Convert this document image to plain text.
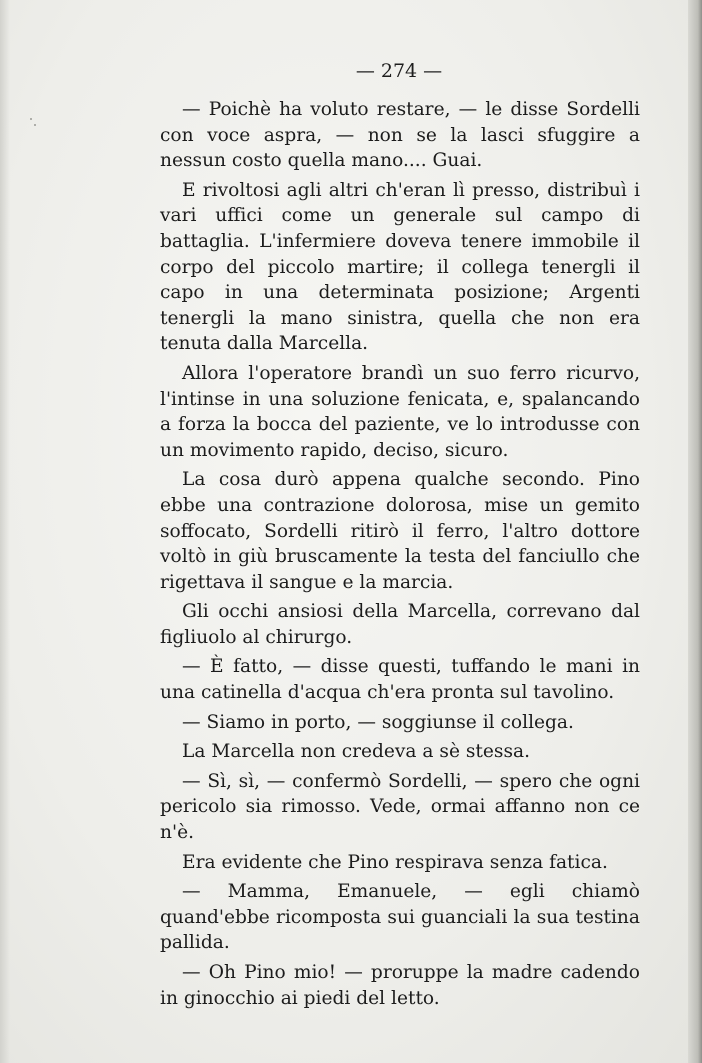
— 274 —

— Poichè ha voluto restare, — le disse Sordelli con voce aspra, — non se la lasci sfuggire a nessun costo quella mano.... Guai.

E rivoltosi agli altri ch'eran lì presso, distribuì i vari uffici come un generale sul campo di battaglia. L'infermiere doveva tenere immobile il corpo del piccolo martire; il collega tenergli il capo in una determinata posizione; Argenti tenergli la mano sinistra, quella che non era tenuta dalla Marcella.

Allora l'operatore brandì un suo ferro ricurvo, l'intinse in una soluzione fenicata, e, spalancando a forza la bocca del paziente, ve lo introdusse con un movimento rapido, deciso, sicuro.

La cosa durò appena qualche secondo. Pino ebbe una contrazione dolorosa, mise un gemito soffocato, Sordelli ritirò il ferro, l'altro dottore voltò in giù bruscamente la testa del fanciullo che rigettava il sangue e la marcia.

Gli occhi ansiosi della Marcella, correvano dal figliuolo al chirurgo.

— È fatto, — disse questi, tuffando le mani in una catinella d'acqua ch'era pronta sul tavolino.

— Siamo in porto, — soggiunse il collega.

La Marcella non credeva a sè stessa.

— Sì, sì, — confermò Sordelli, — spero che ogni pericolo sia rimosso. Vede, ormai affanno non ce n'è.

Era evidente che Pino respirava senza fatica.

— Mamma, Emanuele, — egli chiamò quand'ebbe ricomposta sui guanciali la sua testina pallida.

— Oh Pino mio! — proruppe la madre cadendo in ginocchio ai piedi del letto.
